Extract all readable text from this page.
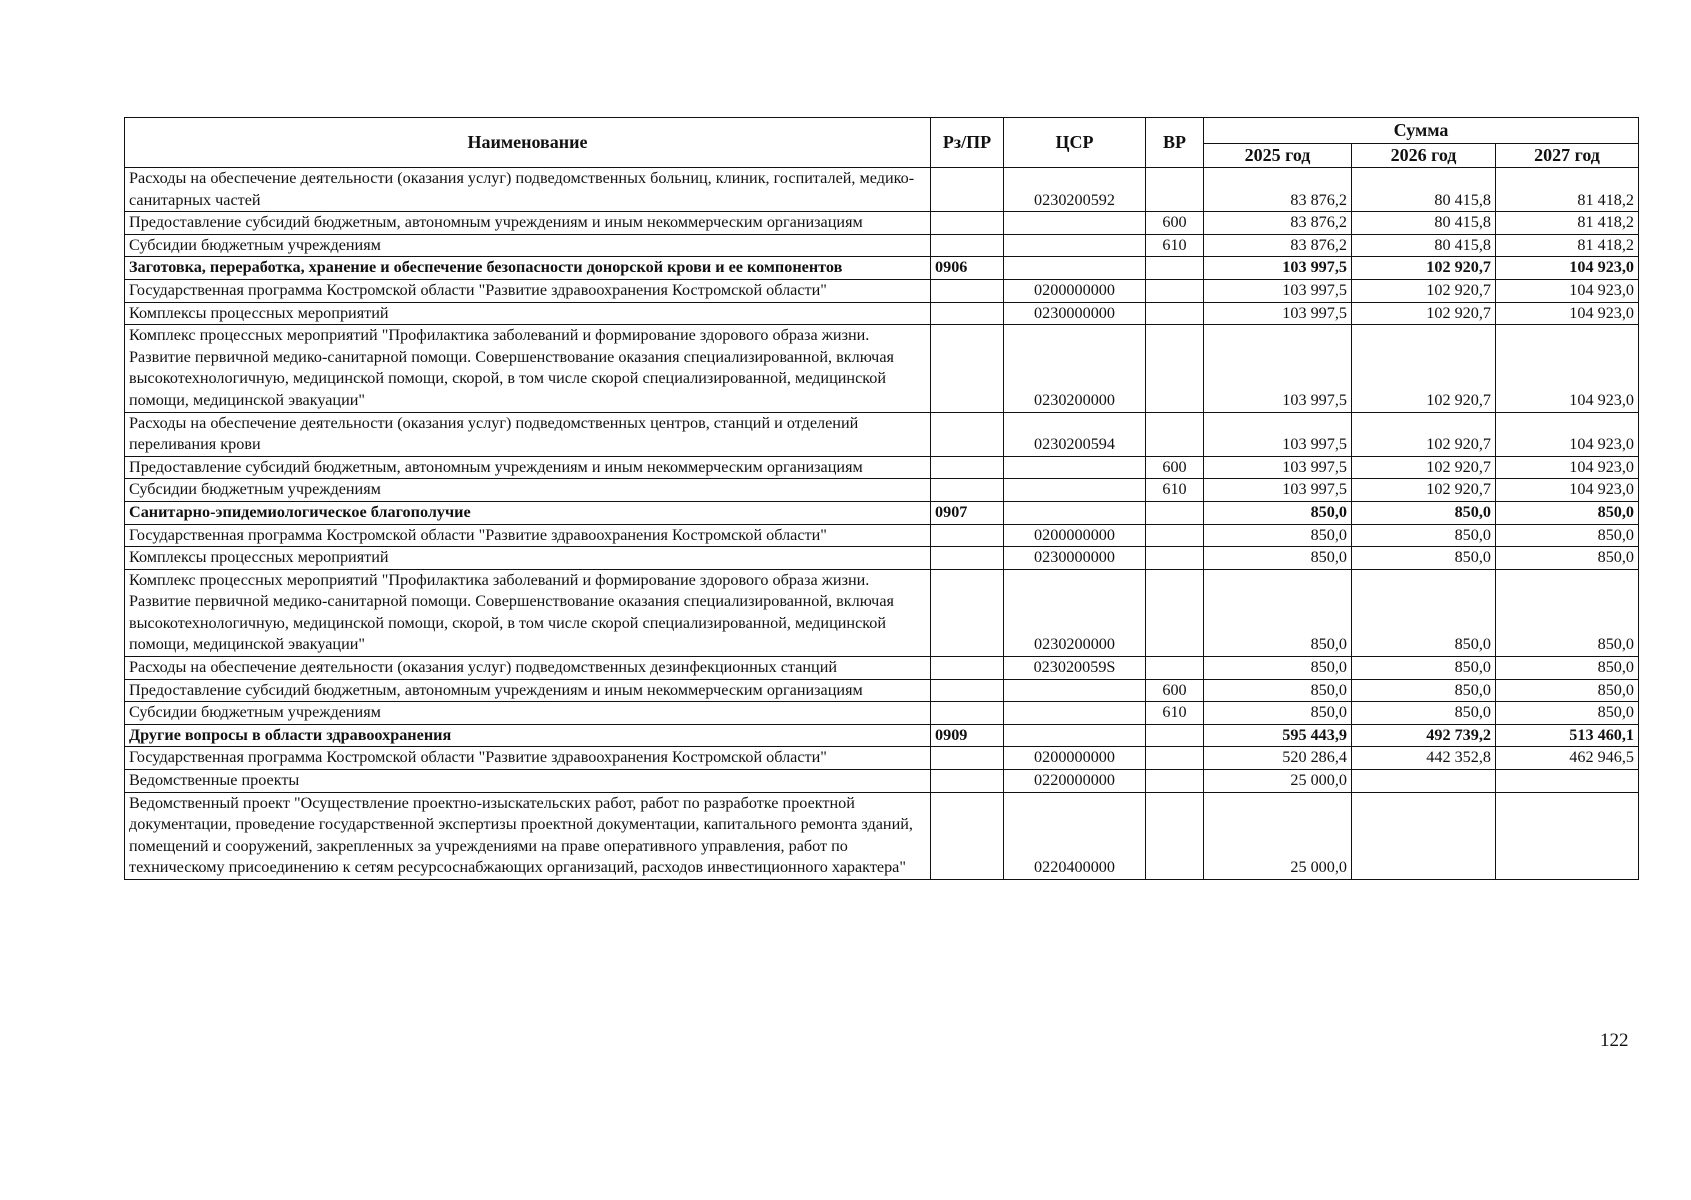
Наименование	Рз/ПР	ЦСР	ВР	Сумма		
				2025 год	2026 год	2027 год
Расходы на обеспечение деятельности (оказания услуг) подведомственных больниц, клиник, госпиталей, медико-санитарных частей		0230200592		83 876,2	80 415,8	81 418,2
Предоставление субсидий бюджетным, автономным учреждениям и иным некоммерческим организациям			600	83 876,2	80 415,8	81 418,2
Субсидии бюджетным учреждениям			610	83 876,2	80 415,8	81 418,2
Заготовка, переработка, хранение и обеспечение безопасности донорской крови и ее компонентов	0906			103 997,5	102 920,7	104 923,0
Государственная программа Костромской области "Развитие здравоохранения Костромской области"		0200000000		103 997,5	102 920,7	104 923,0
Комплексы процессных мероприятий		0230000000		103 997,5	102 920,7	104 923,0
Комплекс процессных мероприятий "Профилактика заболеваний и формирование здорового образа жизни. Развитие первичной медико-санитарной помощи. Совершенствование оказания специализированной, включая высокотехнологичную, медицинской помощи, скорой, в том числе скорой специализированной, медицинской помощи, медицинской эвакуации"		0230200000		103 997,5	102 920,7	104 923,0
Расходы на обеспечение деятельности (оказания услуг) подведомственных центров, станций и отделений переливания крови		0230200594		103 997,5	102 920,7	104 923,0
Предоставление субсидий бюджетным, автономным учреждениям и иным некоммерческим организациям			600	103 997,5	102 920,7	104 923,0
Субсидии бюджетным учреждениям			610	103 997,5	102 920,7	104 923,0
Санитарно-эпидемиологическое благополучие	0907			850,0	850,0	850,0
Государственная программа Костромской области "Развитие здравоохранения Костромской области"		0200000000		850,0	850,0	850,0
Комплексы процессных мероприятий		0230000000		850,0	850,0	850,0
Комплекс процессных мероприятий "Профилактика заболеваний и формирование здорового образа жизни. Развитие первичной медико-санитарной помощи. Совершенствование оказания специализированной, включая высокотехнологичную, медицинской помощи, скорой, в том числе скорой специализированной, медицинской помощи, медицинской эвакуации"		0230200000		850,0	850,0	850,0
Расходы на обеспечение деятельности (оказания услуг) подведомственных дезинфекционных станций		023020059S		850,0	850,0	850,0
Предоставление субсидий бюджетным, автономным учреждениям и иным некоммерческим организациям			600	850,0	850,0	850,0
Субсидии бюджетным учреждениям			610	850,0	850,0	850,0
Другие вопросы в области здравоохранения	0909			595 443,9	492 739,2	513 460,1
Государственная программа Костромской области "Развитие здравоохранения Костромской области"		0200000000		520 286,4	442 352,8	462 946,5
Ведомственные проекты		0220000000		25 000,0		
Ведомственный проект "Осуществление проектно-изыскательских работ, работ по разработке проектной документации, проведение государственной экспертизы проектной документации, капитального ремонта зданий, помещений и сооружений, закрепленных за учреждениями на праве оперативного управления, работ по техническому присоединению к сетям ресурсоснабжающих организаций, расходов инвестиционного характера"		0220400000		25 000,0		
122
